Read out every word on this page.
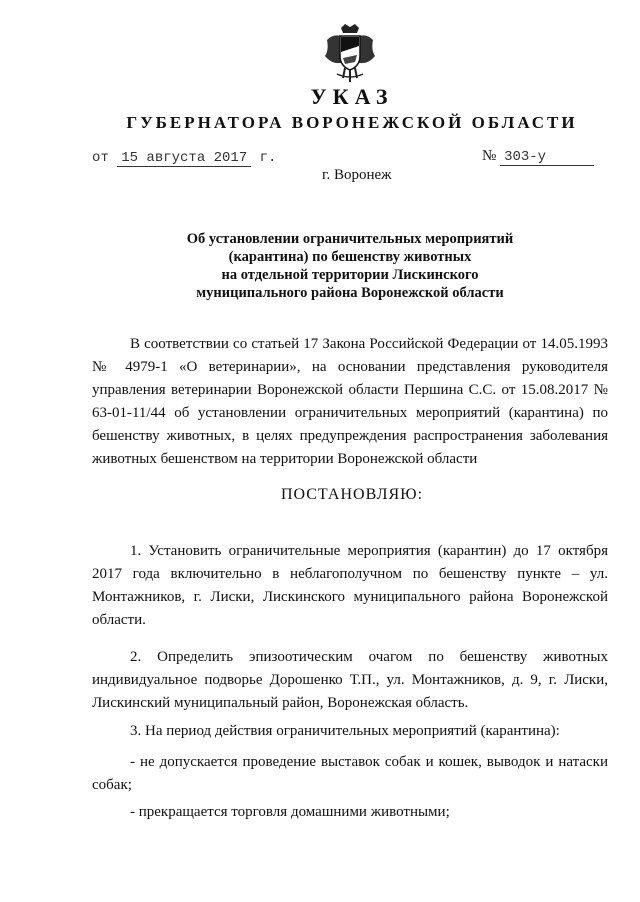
УКАЗ
ГУБЕРНАТОРА ВОРОНЕЖСКОЙ ОБЛАСТИ
от 15 августа 2017 г.	№ 303-у
г. Воронеж
Об установлении ограничительных мероприятий
(карантина) по бешенству животных
на отдельной территории Лискинского
муниципального района Воронежской области
В соответствии со статьей 17 Закона Российской Федерации от 14.05.1993 № 4979-1 «О ветеринарии», на основании представления руководителя управления ветеринарии Воронежской области Першина С.С. от 15.08.2017 № 63-01-11/44 об установлении ограничительных мероприятий (карантина) по бешенству животных, в целях предупреждения распространения заболевания животных бешенством на территории Воронежской области
ПОСТАНОВЛЯЮ:
1. Установить ограничительные мероприятия (карантин) до 17 октября 2017 года включительно в неблагополучном по бешенству пункте – ул. Монтажников, г. Лиски, Лискинского муниципального района Воронежской области.
2. Определить эпизоотическим очагом по бешенству животных индивидуальное подворье Дорошенко Т.П., ул. Монтажников, д. 9, г. Лиски, Лискинский муниципальный район, Воронежская область.
3. На период действия ограничительных мероприятий (карантина):
- не допускается проведение выставок собак и кошек, выводок и натаски собак;
- прекращается торговля домашними животными;
